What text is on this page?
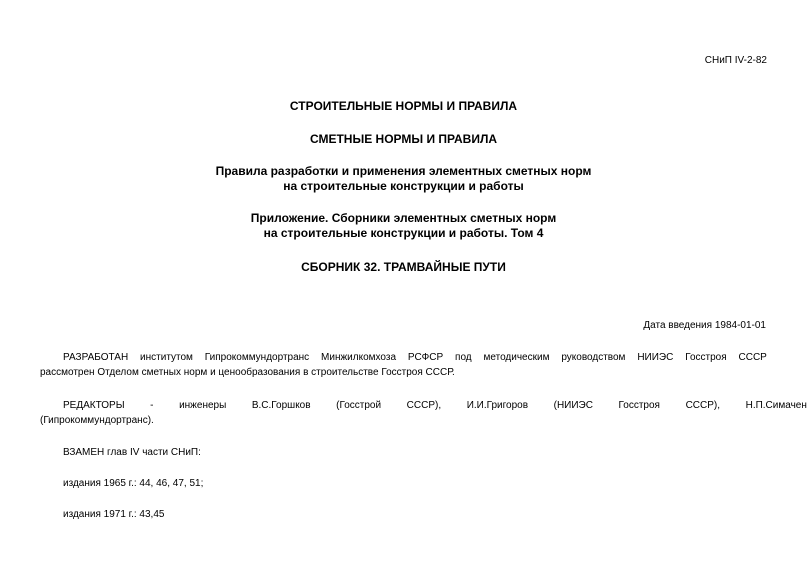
СНиП IV-2-82
СТРОИТЕЛЬНЫЕ НОРМЫ И ПРАВИЛА
СМЕТНЫЕ НОРМЫ И ПРАВИЛА
Правила разработки и применения элементных сметных норм
на строительные конструкции и работы
Приложение. Сборники элементных сметных норм
на строительные конструкции и работы. Том 4
СБОРНИК 32. ТРАМВАЙНЫЕ ПУТИ
Дата введения 1984-01-01
РАЗРАБОТАН институтом Гипрокоммундортранс Минжилкомхоза РСФСР под методическим руководством НИИЭС Госстроя СССР
рассмотрен Отделом сметных норм и ценообразования в строительстве Госстроя СССР.
РЕДАКТОРЫ	-	инженеры	В.С.Горшков	(Госстрой	СССР),	И.И.Григоров	(НИИЭС	Госстроя	СССР),	Н.П.Симачен
(Гипрокоммундортранс).
ВЗАМЕН глав IV части СНиП:
издания 1965 г.: 44, 46, 47, 51;
издания 1971 г.: 43,45
